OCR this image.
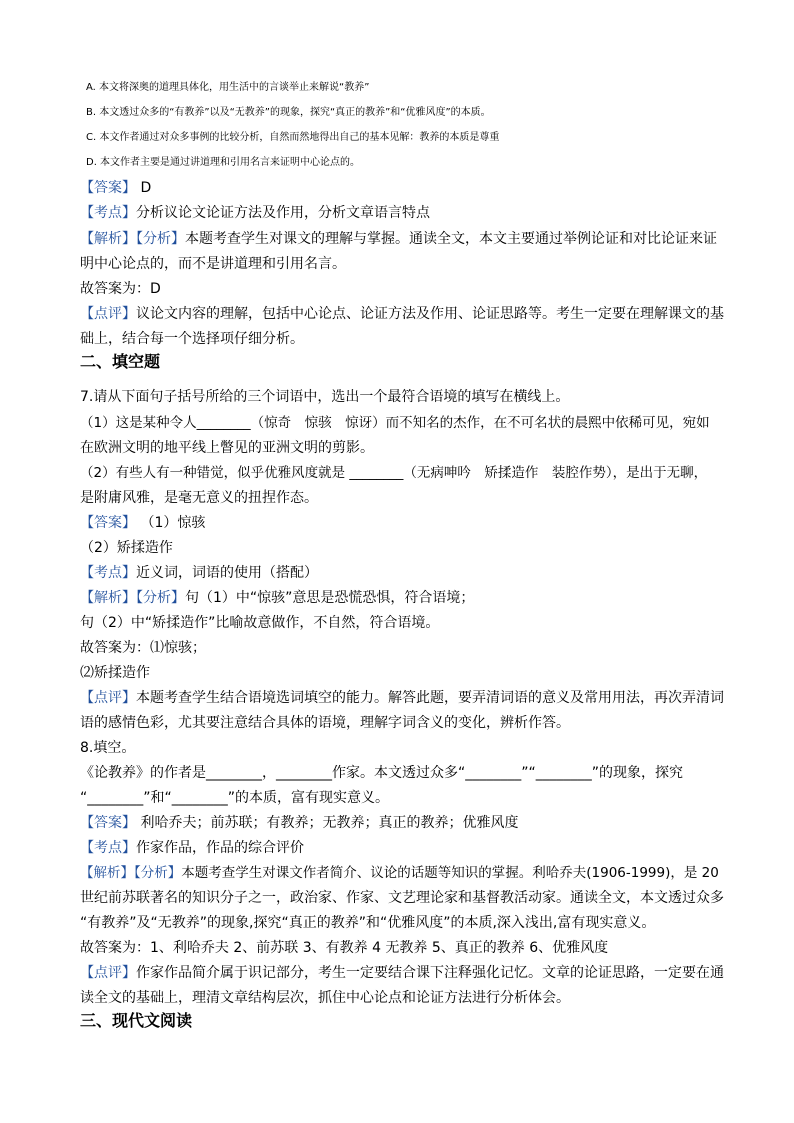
A. 本文将深奥的道理具体化，用生活中的言谈举止来解说“教养”
B. 本文透过众多的“有教养”以及“无教养”的现象，探究“真正的教养”和“优雅风度”的本质。
C. 本文作者通过对众多事例的比较分析，自然而然地得出自己的基本见解：教养的本质是尊重
D. 本文作者主要是通过讲道理和引用名言来证明中心论点的。
【答案】 D
【考点】分析议论文论证方法及作用，分析文章语言特点
【解析】【分析】本题考查学生对课文的理解与掌握。通读全文，本文主要通过举例论证和对比论证来证
明中心论点的，而不是讲道理和引用名言。
故答案为：D
【点评】议论文内容的理解，包括中心论点、论证方法及作用、论证思路等。考生一定要在理解课文的基
础上，结合每一个选择项仔细分析。
二、填空题
7.请从下面句子括号所给的三个词语中，选出一个最符合语境的填写在横线上。
（1）这是某种令人________（惊奇　惊骇　惊讶）而不知名的杰作，在不可名状的晨熙中依稀可见，宛如
在欧洲文明的地平线上瞥见的亚洲文明的剪影。
（2）有些人有一种错觉，似乎优雅风度就是 ________（无病呻吟　矫揉造作　装腔作势），是出于无聊，
是附庸风雅，是毫无意义的扭捏作态。
【答案】 （1）惊骇
（2）矫揉造作
【考点】近义词，词语的使用（搭配）
【解析】【分析】句（1）中“惊骇”意思是恐慌恐惧，符合语境；
句（2）中“矫揉造作”比喻故意做作，不自然，符合语境。
故答案为：⑴惊骇；
⑵矫揉造作
【点评】本题考查学生结合语境选词填空的能力。解答此题，要弄清词语的意义及常用用法，再次弄清词
语的感情色彩，尤其要注意结合具体的语境，理解字词含义的变化，辨析作答。
8.填空。
《论教养》的作者是________，________作家。本文透过众多“________”“________”的现象，探究
“________”和“________”的本质，富有现实意义。
【答案】 利哈乔夫；前苏联；有教养；无教养；真正的教养；优雅风度
【考点】作家作品，作品的综合评价
【解析】【分析】本题考查学生对课文作者简介、议论的话题等知识的掌握。利哈乔夫(1906-1999)，是 20
世纪前苏联著名的知识分子之一，政治家、作家、文艺理论家和基督教活动家。通读全文，本文透过众多
“有教养”及“无教养”的现象,探究“真正的教养”和“优雅风度”的本质,深入浅出,富有现实意义。
故答案为：1、利哈乔夫 2、前苏联 3、有教养 4 无教养 5、真正的教养 6、优雅风度
【点评】作家作品简介属于识记部分，考生一定要结合课下注释强化记忆。文章的论证思路，一定要在通
读全文的基础上，理清文章结构层次，抓住中心论点和论证方法进行分析体会。
三、现代文阅读
